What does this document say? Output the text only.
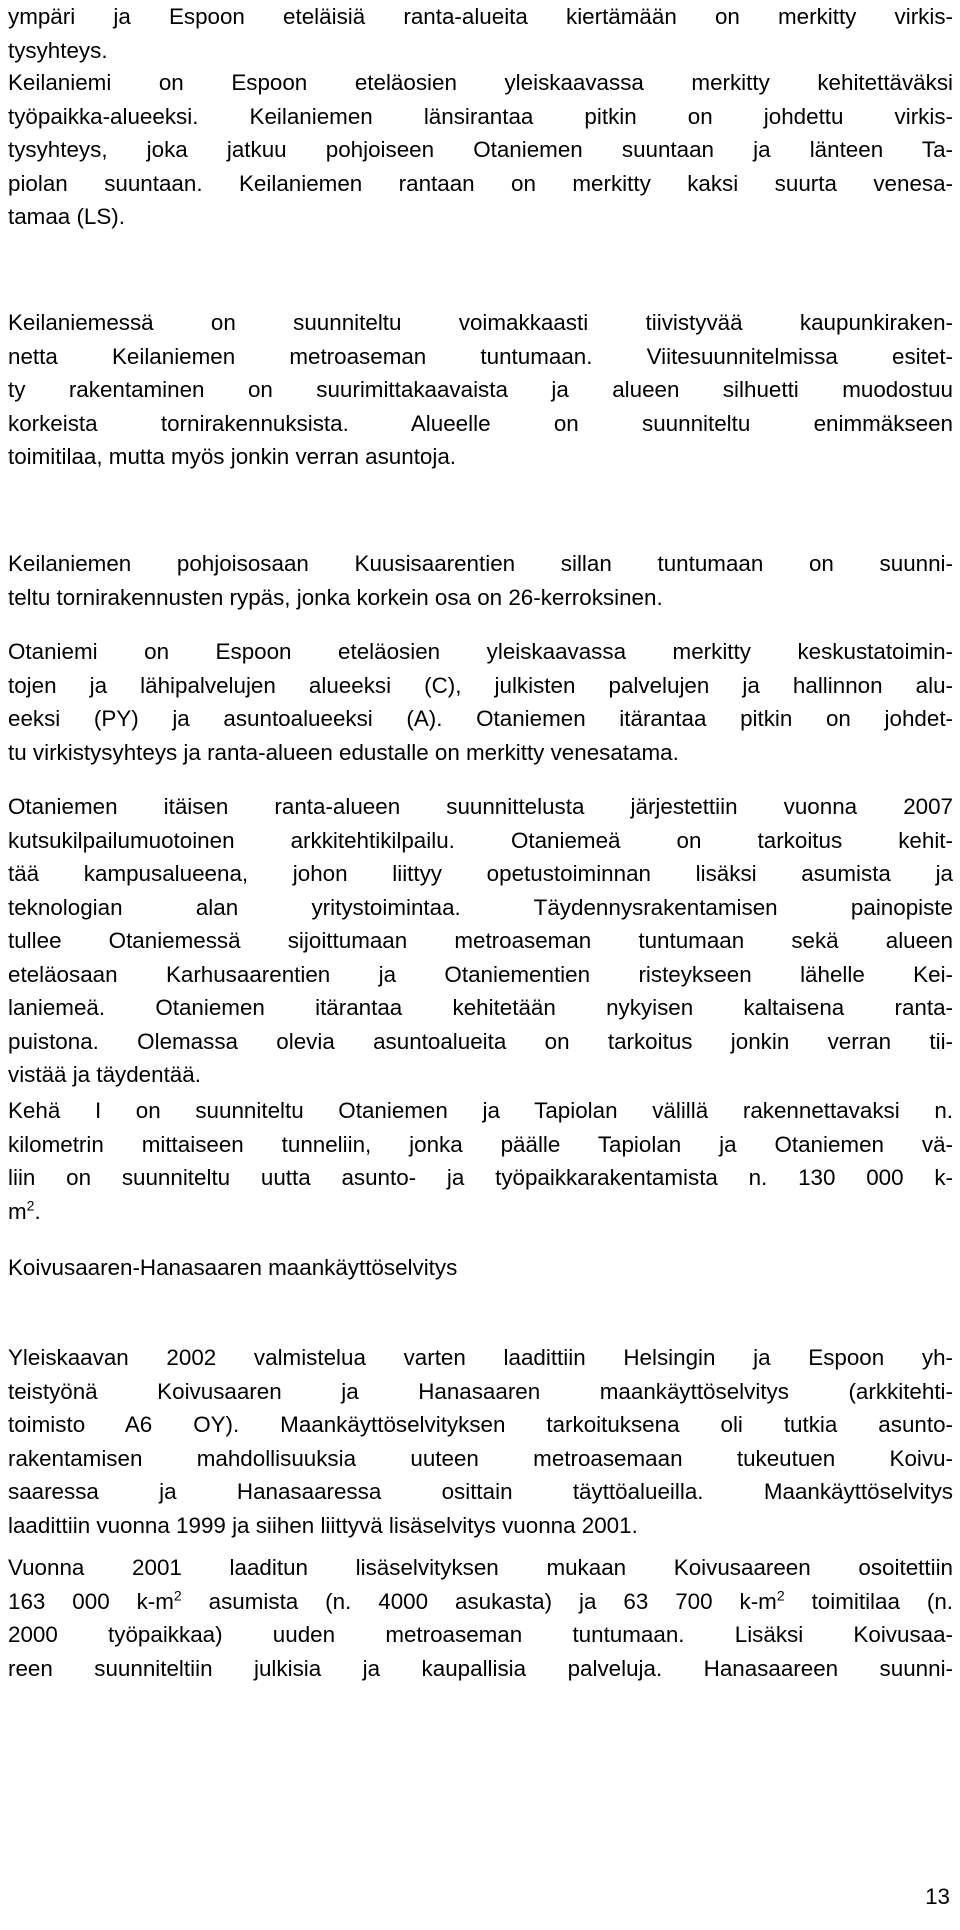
ympäri ja Espoon eteläisiä ranta-alueita kiertämään on merkitty virkis-
tysyhteys.
Keilaniemi on Espoon eteläosien yleiskaavassa merkitty kehitettäväksi
työpaikka-alueeksi. Keilaniemen länsirantaa pitkin on johdettu virkis-
tysyhteys, joka jatkuu pohjoiseen Otaniemen suuntaan ja länteen Ta-
piolan suuntaan. Keilaniemen rantaan on merkitty kaksi suurta venesa-
tamaa (LS).
Keilaniemessä on suunniteltu voimakkaasti tiivistyvää kaupunkiraken-
netta Keilaniemen metroaseman tuntumaan. Viitesuunnitelmissa esitet-
ty rakentaminen on suurimittakaavaista ja alueen silhuetti muodostuu
korkeista tornirakennuksista. Alueelle on suunniteltu enimmäkseen
toimitilaa, mutta myös jonkin verran asuntoja.
Keilaniemen pohjoisosaan Kuusisaarentien sillan tuntumaan on suunni-
teltu tornirakennusten rypäs, jonka korkein osa on 26-kerroksinen.
Otaniemi on Espoon eteläosien yleiskaavassa merkitty keskustatoimin-
tojen ja lähipalvelujen alueeksi (C), julkisten palvelujen ja hallinnon alu-
eeksi (PY) ja asuntoalueeksi (A). Otaniemen itärantaa pitkin on johdet-
tu virkistysyhteys ja ranta-alueen edustalle on merkitty venesatama.
Otaniemen itäisen ranta-alueen suunnittelusta järjestettiin vuonna 2007
kutsukilpailumuotoinen arkkitehtikilpailu. Otaniemeä on tarkoitus kehit-
tää kampusalueena, johon liittyy opetustoiminnan lisäksi asumista ja
teknologian alan yritystoimintaa. Täydennysrakentamisen painopiste
tullee Otaniemessä sijoittumaan metroaseman tuntumaan sekä alueen
eteläosaan Karhusaarentien ja Otaniementien risteykseen lähelle Kei-
laniemeä. Otaniemen itärantaa kehitetään nykyisen kaltaisena ranta-
puistona. Olemassa olevia asuntoalueita on tarkoitus jonkin verran tii-
vistää ja täydentää.
Kehä I on suunniteltu Otaniemen ja Tapiolan välillä rakennettavaksi n.
kilometrin mittaiseen tunneliin, jonka päälle Tapiolan ja Otaniemen vä-
liin on suunniteltu uutta asunto- ja työpaikkarakentamista n. 130 000 k-
$m^2$.
Koivusaaren-Hanasaaren maankäyttöselvitys
Yleiskaavan 2002 valmistelua varten laadittiin Helsingin ja Espoon yh-
teistyönä Koivusaaren ja Hanasaaren maankäyttöselvitys (arkkitehti-
toimisto A6 OY). Maankäyttöselvityksen tarkoituksena oli tutkia asunto-
rakentamisen mahdollisuuksia uuteen metroasemaan tukeutuen Koivu-
saaressa ja Hanasaaressa osittain täyttöalueilla. Maankäyttöselvitys
laadittiin vuonna 1999 ja siihen liittyvä lisäselvitys vuonna 2001.
Vuonna 2001 laaditun lisäselvityksen mukaan Koivusaareen osoitettiin
163 000 $k-m^2$ asumista (n. 4000 asukasta) ja 63 700 $k-m^2$ toimitilaa (n.
2000 työpaikkaa) uuden metroaseman tuntumaan. Lisäksi Koivusaa-
reen suunniteltiin julkisia ja kaupallisia palveluja. Hanasaareen suunni-
13
